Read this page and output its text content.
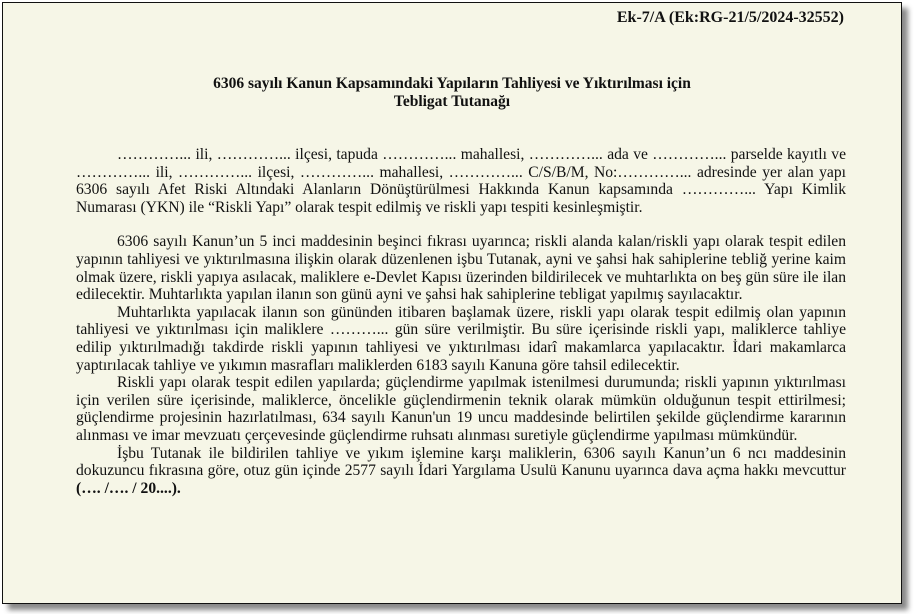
Ek-7/A (Ek:RG-21/5/2024-32552)
6306 sayılı Kanun Kapsamındaki Yapıların Tahliyesi ve Yıktırılması için
Tebligat Tutanağı

…………... ili, …………... ilçesi, tapuda …………... mahallesi, …………... ada ve …………... parselde kayıtlı ve …………... ili, …………... ilçesi, …………... mahallesi, …………... C/S/B/M, No:…………... adresinde yer alan yapı 6306 sayılı Afet Riski Altındaki Alanların Dönüştürülmesi Hakkında Kanun kapsamında …………... Yapı Kimlik Numarası (YKN) ile “Riskli Yapı” olarak tespit edilmiş ve riskli yapı tespiti kesinleşmiştir.

6306 sayılı Kanun’un 5 inci maddesinin beşinci fıkrası uyarınca; riskli alanda kalan/riskli yapı olarak tespit edilen yapının tahliyesi ve yıktırılmasına ilişkin olarak düzenlenen işbu Tutanak, ayni ve şahsi hak sahiplerine tebliğ yerine kaim olmak üzere, riskli yapıya asılacak, maliklere e-Devlet Kapısı üzerinden bildirilecek ve muhtarlıkta on beş gün süre ile ilan edilecektir. Muhtarlıkta yapılan ilanın son günü ayni ve şahsi hak sahiplerine tebligat yapılmış sayılacaktır.

Muhtarlıkta yapılacak ilanın son gününden itibaren başlamak üzere, riskli yapı olarak tespit edilmiş olan yapının tahliyesi ve yıktırılması için maliklere ………... gün süre verilmiştir. Bu süre içerisinde riskli yapı, maliklerce tahliye edilip yıktırılmadığı takdirde riskli yapının tahliyesi ve yıktırılması idarî makamlarca yapılacaktır. İdari makamlarca yaptırılacak tahliye ve yıkımın masrafları maliklerden 6183 sayılı Kanuna göre tahsil edilecektir.

Riskli yapı olarak tespit edilen yapılarda; güçlendirme yapılmak istenilmesi durumunda; riskli yapının yıktırılması için verilen süre içerisinde, maliklerce, öncelikle güçlendirmenin teknik olarak mümkün olduğunun tespit ettirilmesi; güçlendirme projesinin hazırlatılması, 634 sayılı Kanun'un 19 uncu maddesinde belirtilen şekilde güçlendirme kararının alınması ve imar mevzuatı çerçevesinde güçlendirme ruhsatı alınması suretiyle güçlendirme yapılması mümkündür.

İşbu Tutanak ile bildirilen tahliye ve yıkım işlemine karşı maliklerin, 6306 sayılı Kanun’un 6 ncı maddesinin dokuzuncu fıkrasına göre, otuz gün içinde 2577 sayılı İdari Yargılama Usulü Kanunu uyarınca dava açma hakkı mevcuttur (…. /…. / 20....).
